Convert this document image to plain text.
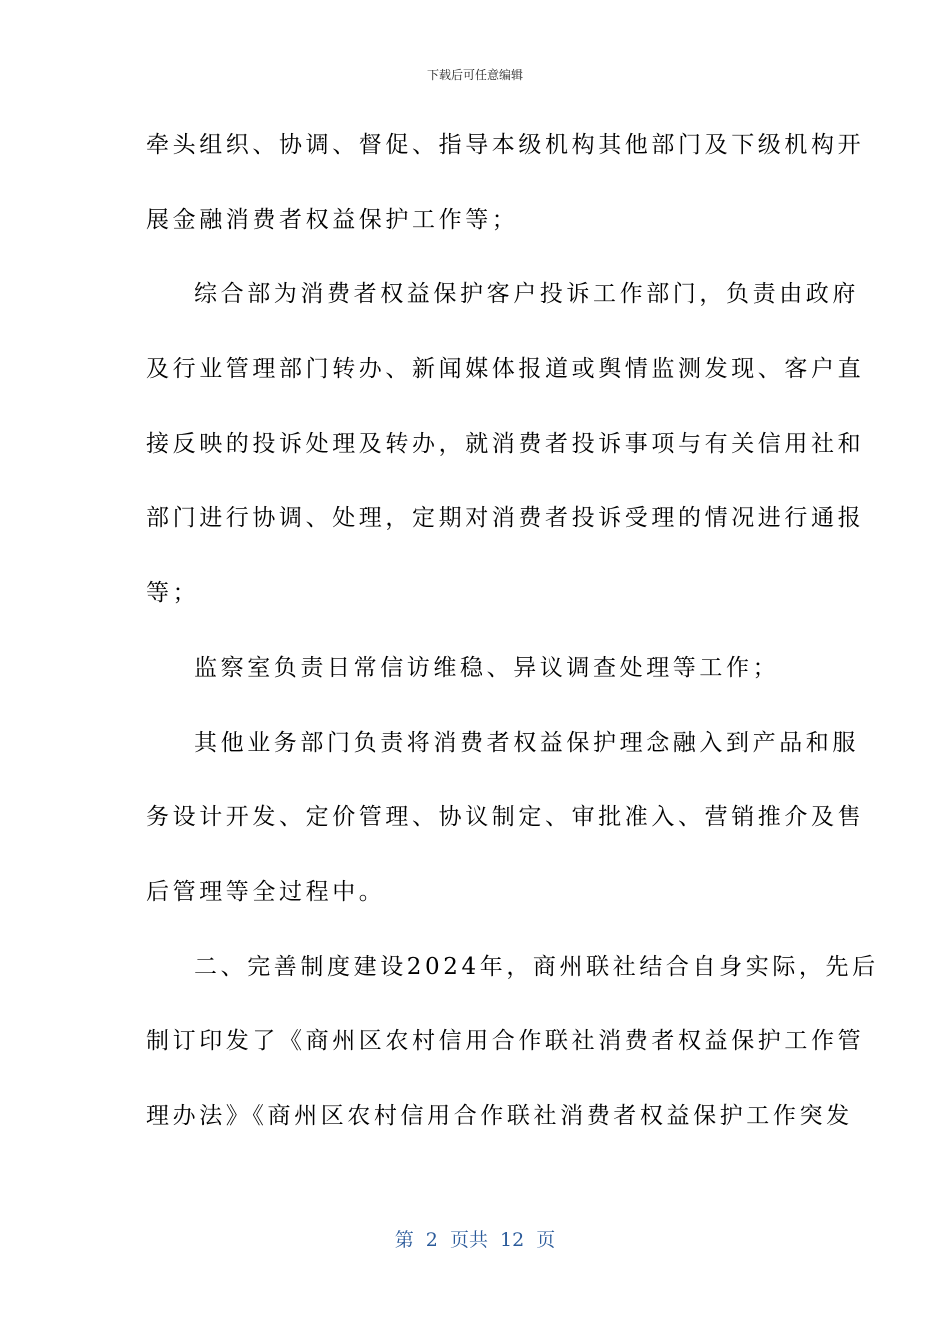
下载后可任意编辑
牵头组织、协调、督促、指导本级机构其他部门及下级机构开
展金融消费者权益保护工作等；
综合部为消费者权益保护客户投诉工作部门，负责由政府
及行业管理部门转办、新闻媒体报道或舆情监测发现、客户直
接反映的投诉处理及转办，就消费者投诉事项与有关信用社和
部门进行协调、处理，定期对消费者投诉受理的情况进行通报
等；
监察室负责日常信访维稳、异议调查处理等工作；
其他业务部门负责将消费者权益保护理念融入到产品和服
务设计开发、定价管理、协议制定、审批准入、营销推介及售
后管理等全过程中。
二、完善制度建设2024年，商州联社结合自身实际，先后
制订印发了《商州区农村信用合作联社消费者权益保护工作管
理办法》《商州区农村信用合作联社消费者权益保护工作突发
第  2  页共  12  页
